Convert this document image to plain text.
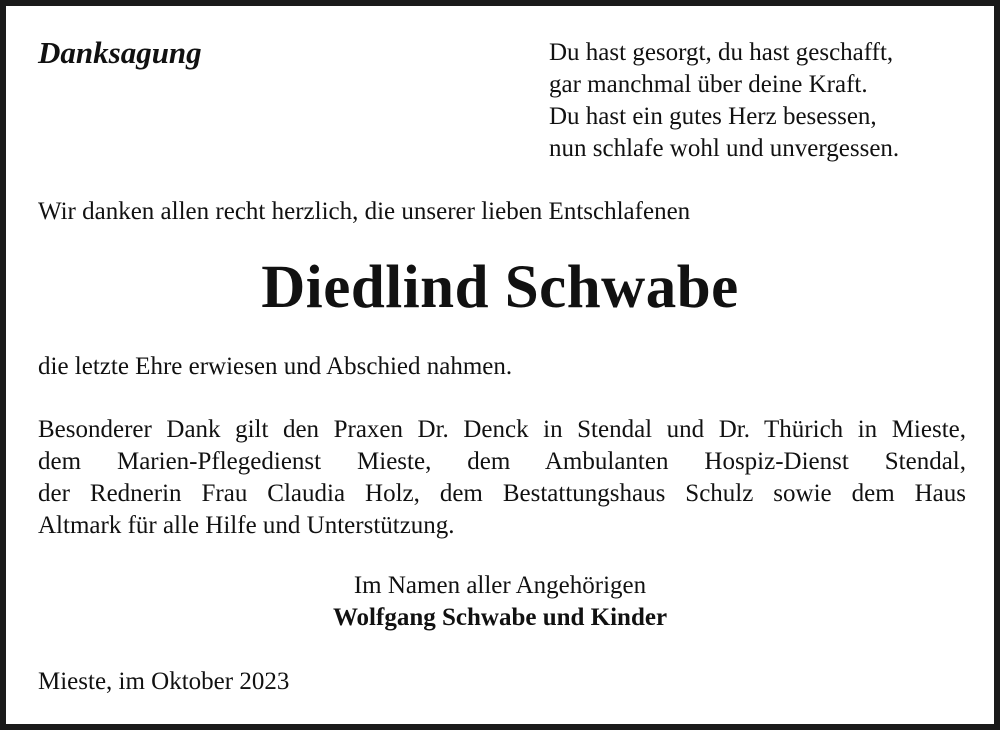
Danksagung	Du hast gesorgt, du hast geschafft,
gar manchmal über deine Kraft.
Du hast ein gutes Herz besessen,
nun schlafe wohl und unvergessen.
Wir danken allen recht herzlich, die unserer lieben Entschlafenen
Diedlind Schwabe
die letzte Ehre erwiesen und Abschied nahmen.
Besonderer Dank gilt den Praxen Dr. Denck in Stendal und Dr. Thürich in Mieste,
dem Marien-Pflegedienst Mieste, dem Ambulanten Hospiz-Dienst Stendal,
der Rednerin Frau Claudia Holz, dem Bestattungshaus Schulz sowie dem Haus
Altmark für alle Hilfe und Unterstützung.
Im Namen aller Angehörigen
Wolfgang Schwabe und Kinder
Mieste, im Oktober 2023
